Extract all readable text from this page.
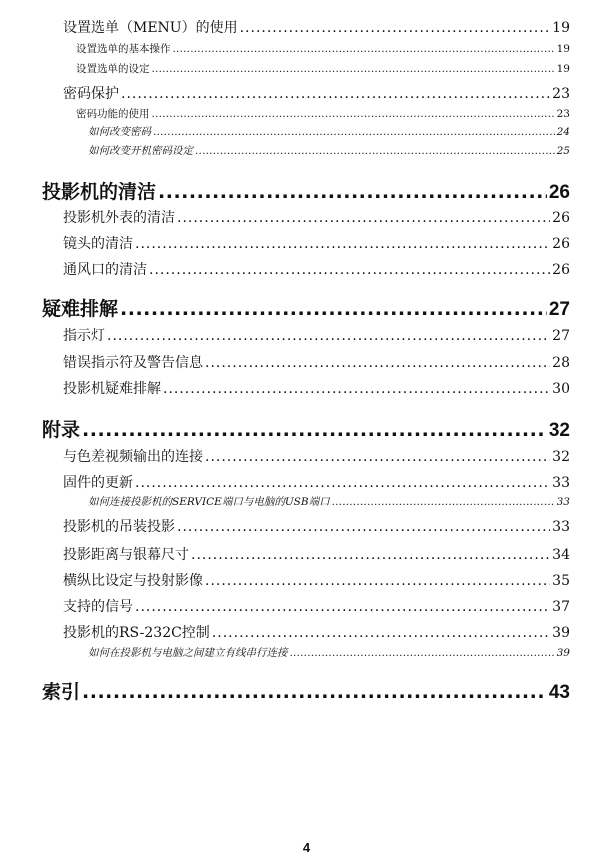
设置选单（MENU）的使用 .....	19
设置选单的基本操作 .....	19
设置选单的设定 .....	19
密码保护 .....	23
密码功能的使用 .....	23
如何改变密码 .....	24
如何改变开机密码设定 .....	25
投影机的清洁 .....	26
投影机外表的清洁 .....	26
镜头的清洁 .....	26
通风口的清洁 .....	26
疑难排解 .....	27
指示灯 .....	27
错误指示符及警告信息 .....	28
投影机疑难排解 .....	30
附录 .....	32
与色差视频输出的连接 .....	32
固件的更新 .....	33
如何连接投影机的SERVICE端口与电脑的USB端口 .....	33
投影机的吊装投影 .....	33
投影距离与银幕尺寸 .....	34
横纵比设定与投射影像 .....	35
支持的信号 .....	37
投影机的RS-232C控制 .....	39
如何在投影机与电脑之间建立有线串行连接 .....	39
索引 .....	43
4
